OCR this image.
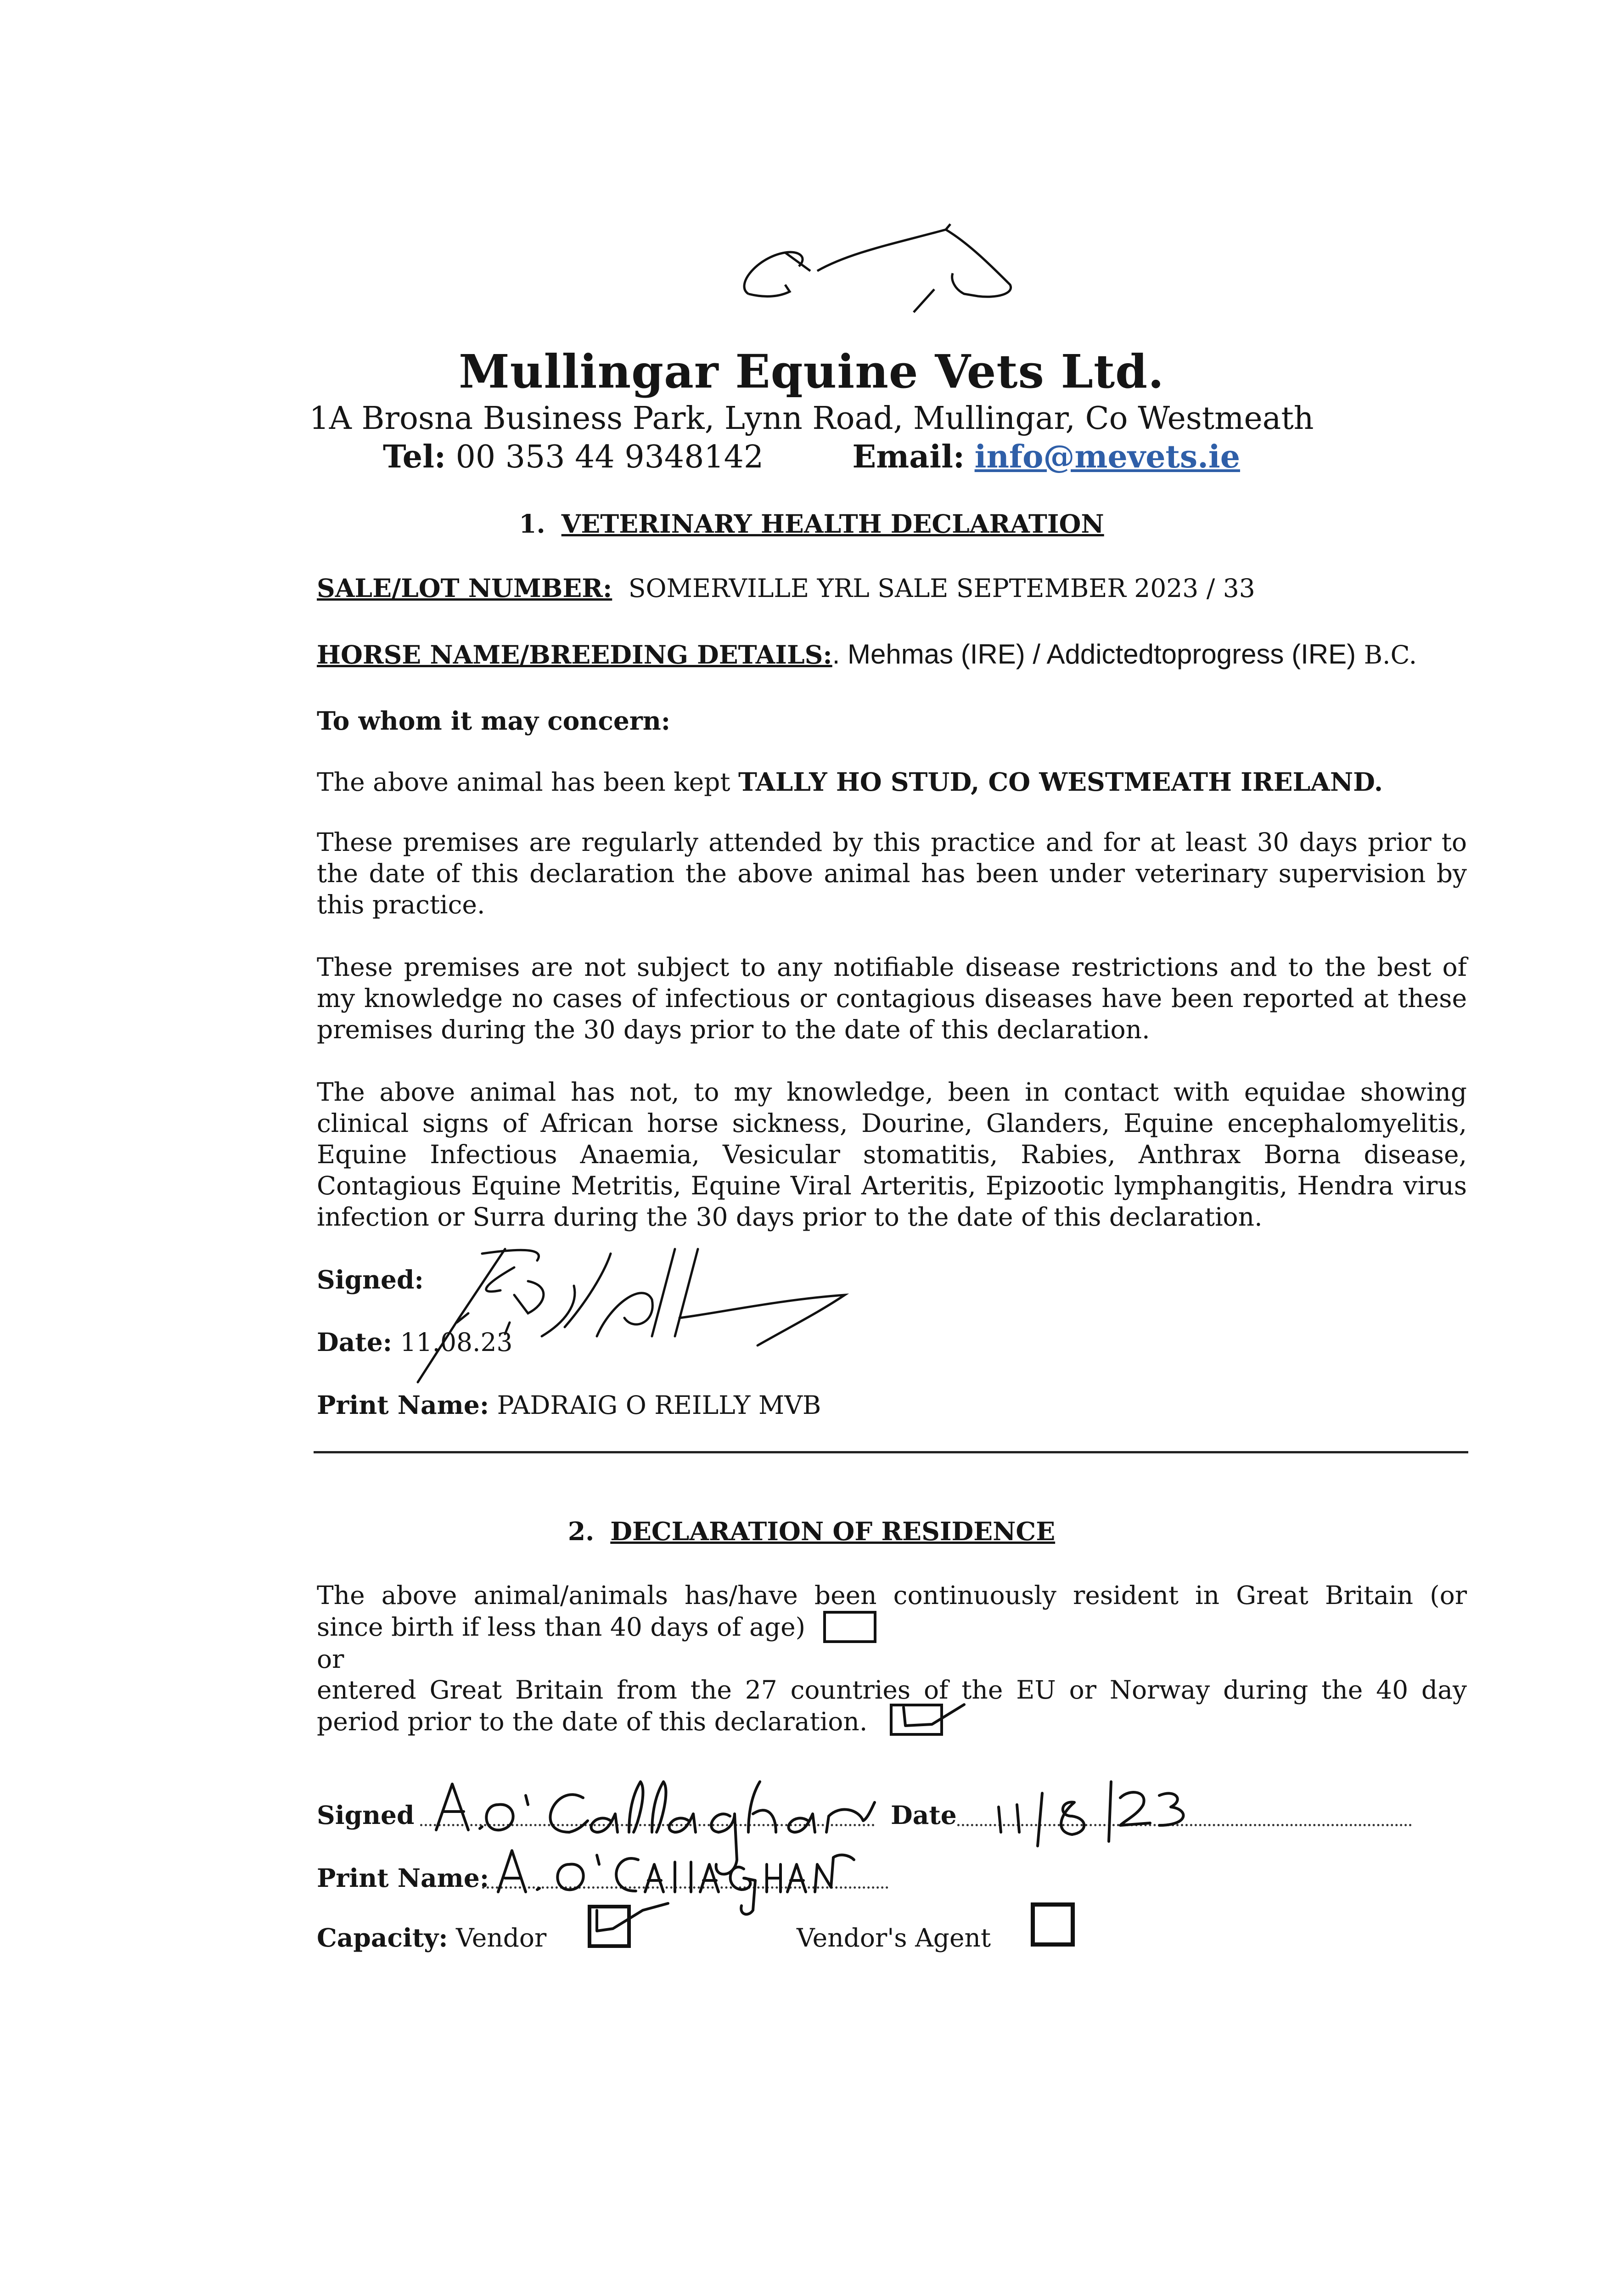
Mullingar Equine Vets Ltd.
1A Brosna Business Park, Lynn Road, Mullingar, Co Westmeath
Tel: 00 353 44 9348142	Email: info@mevets.ie
1. VETERINARY HEALTH DECLARATION
SALE/LOT NUMBER: SOMERVILLE YRL SALE SEPTEMBER 2023 / 33
HORSE NAME/BREEDING DETAILS:. Mehmas (IRE) / Addictedtoprogress (IRE) B.C.
To whom it may concern:
The above animal has been kept TALLY HO STUD, CO WESTMEATH IRELAND.
These premises are regularly attended by this practice and for at least 30 days prior to the date of this declaration the above animal has been under veterinary supervision by this practice.
These premises are not subject to any notifiable disease restrictions and to the best of my knowledge no cases of infectious or contagious diseases have been reported at these premises during the 30 days prior to the date of this declaration.
The above animal has not, to my knowledge, been in contact with equidae showing clinical signs of African horse sickness, Dourine, Glanders, Equine encephalomyelitis, Equine Infectious Anaemia, Vesicular stomatitis, Rabies, Anthrax Borna disease, Contagious Equine Metritis, Equine Viral Arteritis, Epizootic lymphangitis, Hendra virus infection or Surra during the 30 days prior to the date of this declaration.
Signed:
Date: 11.08.23
Print Name: PADRAIG O REILLY MVB
2. DECLARATION OF RESIDENCE
The above animal/animals has/have been continuously resident in Great Britain (or
since birth if less than 40 days of age)
or
entered Great Britain from the 27 countries of the EU or Norway during the 40 day
period prior to the date of this declaration.
Signed	Date
Print Name:
Capacity: Vendor	Vendor's Agent
